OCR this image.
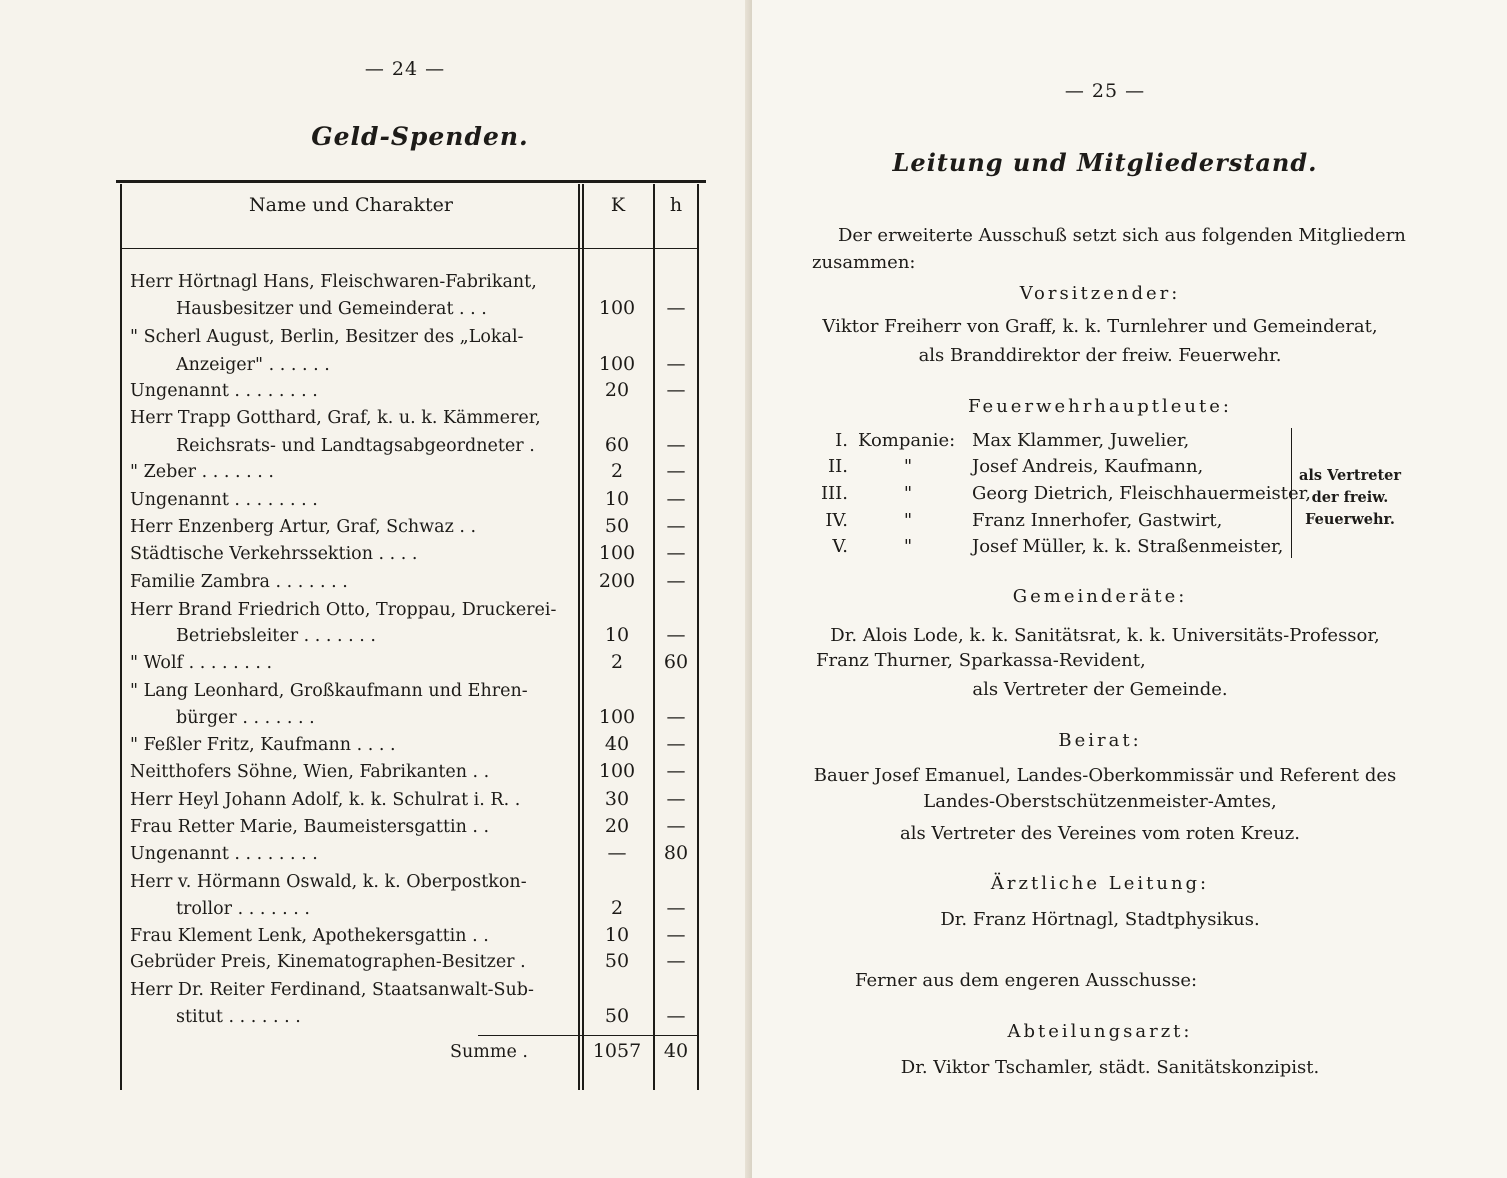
— 24 —
Geld-Spenden.
Name und Charakter	K	h
Herr Hörtnagl Hans, Fleischwaren-Fabrikant,
Hausbesitzer und Gemeinderat . . .	100	—
" Scherl August, Berlin, Besitzer des „Lokal-
Anzeiger" . . . . . .	100	—
Ungenannt . . . . . . . .	20	—
Herr Trapp Gotthard, Graf, k. u. k. Kämmerer,
Reichsrats- und Landtagsabgeordneter .	60	—
" Zeber . . . . . . .	2	—
Ungenannt . . . . . . . .	10	—
Herr Enzenberg Artur, Graf, Schwaz . .	50	—
Städtische Verkehrssektion . . . .	100	—
Familie Zambra . . . . . . .	200	—
Herr Brand Friedrich Otto, Troppau, Druckerei-
Betriebsleiter . . . . . . .	10	—
" Wolf . . . . . . . .	2	60
" Lang Leonhard, Großkaufmann und Ehren-
bürger . . . . . . .	100	—
" Feßler Fritz, Kaufmann . . . .	40	—
Neitthofers Söhne, Wien, Fabrikanten . .	100	—
Herr Heyl Johann Adolf, k. k. Schulrat i. R. .	30	—
Frau Retter Marie, Baumeistersgattin . .	20	—
Ungenannt . . . . . . . .	—	80
Herr v. Hörmann Oswald, k. k. Oberpostkon-
trollor . . . . . . .	2	—
Frau Klement Lenk, Apothekersgattin . .	10	—
Gebrüder Preis, Kinematographen-Besitzer .	50	—
Herr Dr. Reiter Ferdinand, Staatsanwalt-Sub-
stitut . . . . . . .	50	—
Summe .	1057	40
— 25 —
Leitung und Mitgliederstand.
Der erweiterte Ausschuß setzt sich aus folgenden Mitgliedern
zusammen:
Vorsitzender:
Viktor Freiherr von Graff, k. k. Turnlehrer und Gemeinderat,
als Branddirektor der freiw. Feuerwehr.
Feuerwehrhauptleute:
I. Kompanie: Max Klammer, Juwelier,
II.	"	Josef Andreis, Kaufmann,
III.	"	Georg Dietrich, Fleischhauermeister,
IV.	"	Franz Innerhofer, Gastwirt,
V.	"	Josef Müller, k. k. Straßenmeister,
als Vertreter
der freiw.
Feuerwehr.
Gemeinderäte:
Dr. Alois Lode, k. k. Sanitätsrat, k. k. Universitäts-Professor,
Franz Thurner, Sparkassa-Revident,
als Vertreter der Gemeinde.
Beirat:
Bauer Josef Emanuel, Landes-Oberkommissär und Referent des
Landes-Oberstschützenmeister-Amtes,
als Vertreter des Vereines vom roten Kreuz.
Ärztliche Leitung:
Dr. Franz Hörtnagl, Stadtphysikus.
Ferner aus dem engeren Ausschusse:
Abteilungsarzt:
Dr. Viktor Tschamler, städt. Sanitätskonzipist.
